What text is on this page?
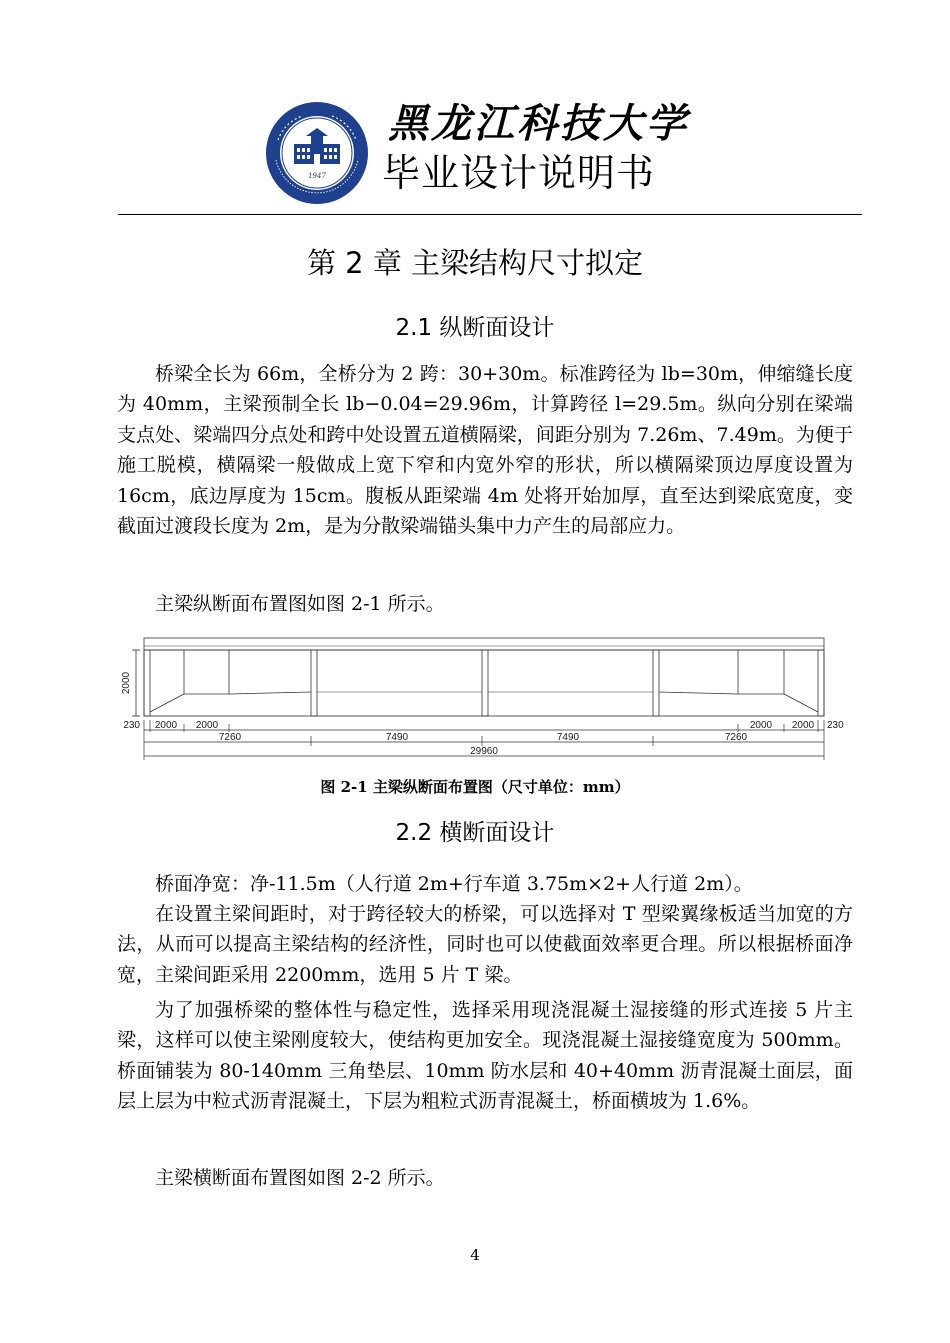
1947
黑龙江科技大学
毕业设计说明书
第 2 章 主梁结构尺寸拟定
2.1 纵断面设计
桥梁全长为 66m，全桥分为 2 跨：30+30m。标准跨径为 lb=30m，伸缩缝长度为 40mm，主梁预制全长 lb−0.04=29.96m，计算跨径 l=29.5m。纵向分别在梁端支点处、梁端四分点处和跨中处设置五道横隔梁，间距分别为 7.26m、7.49m。为便于施工脱模，横隔梁一般做成上宽下窄和内宽外窄的形状，所以横隔梁顶边厚度设置为 16cm，底边厚度为 15cm。腹板从距梁端 4m 处将开始加厚，直至达到梁底宽度，变截面过渡段长度为 2m，是为分散梁端锚头集中力产生的局部应力。
主梁纵断面布置图如图 2-1 所示。
2000
230 2000 2000	2000 2000 230
7260	7490	7490	7260
29960
图 2-1 主梁纵断面布置图（尺寸单位：mm）
2.2 横断面设计
桥面净宽：净-11.5m（人行道 2m+行车道 3.75m×2+人行道 2m）。
在设置主梁间距时，对于跨径较大的桥梁，可以选择对 T 型梁翼缘板适当加宽的方法，从而可以提高主梁结构的经济性，同时也可以使截面效率更合理。所以根据桥面净宽，主梁间距采用 2200mm，选用 5 片 T 梁。
为了加强桥梁的整体性与稳定性，选择采用现浇混凝土湿接缝的形式连接 5 片主梁，这样可以使主梁刚度较大，使结构更加安全。现浇混凝土湿接缝宽度为 500mm。桥面铺装为 80-140mm 三角垫层、10mm 防水层和 40+40mm 沥青混凝土面层，面层上层为中粒式沥青混凝土，下层为粗粒式沥青混凝土，桥面横坡为 1.6%。
主梁横断面布置图如图 2-2 所示。
4
